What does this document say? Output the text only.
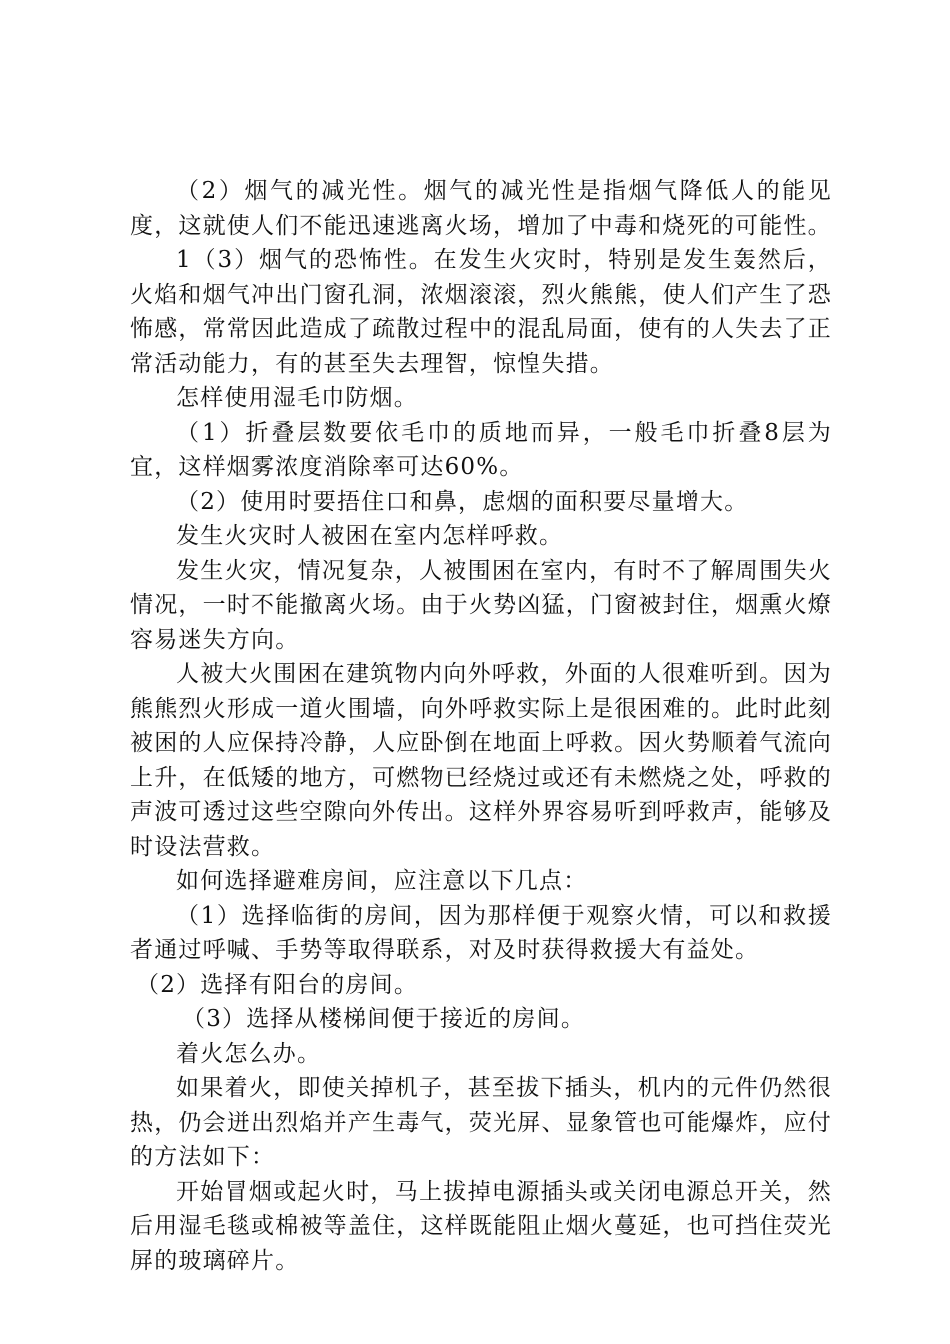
（2）烟气的减光性。烟气的减光性是指烟气降低人的能见度，这就使人们不能迅速逃离火场，增加了中毒和烧死的可能性。

1（3）烟气的恐怖性。在发生火灾时，特别是发生轰然后，火焰和烟气冲出门窗孔洞，浓烟滚滚，烈火熊熊，使人们产生了恐怖感，常常因此造成了疏散过程中的混乱局面，使有的人失去了正常活动能力，有的甚至失去理智，惊惶失措。

怎样使用湿毛巾防烟。

（1）折叠层数要依毛巾的质地而异，一般毛巾折叠8层为宜，这样烟雾浓度消除率可达60%。

（2）使用时要捂住口和鼻，虑烟的面积要尽量增大。

发生火灾时人被困在室内怎样呼救。

发生火灾，情况复杂，人被围困在室内，有时不了解周围失火情况，一时不能撤离火场。由于火势凶猛，门窗被封住，烟熏火燎容易迷失方向。

人被大火围困在建筑物内向外呼救，外面的人很难听到。因为熊熊烈火形成一道火围墙，向外呼救实际上是很困难的。此时此刻被困的人应保持冷静，人应卧倒在地面上呼救。因火势顺着气流向上升，在低矮的地方，可燃物已经烧过或还有未燃烧之处，呼救的声波可透过这些空隙向外传出。这样外界容易听到呼救声，能够及时设法营救。

如何选择避难房间，应注意以下几点：

（1）选择临街的房间，因为那样便于观察火情，可以和救援者通过呼喊、手势等取得联系，对及时获得救援大有益处。

（2）选择有阳台的房间。

（3）选择从楼梯间便于接近的房间。

着火怎么办。

如果着火，即使关掉机子，甚至拔下插头，机内的元件仍然很热，仍会迸出烈焰并产生毒气，荧光屏、显象管也可能爆炸，应付的方法如下：

开始冒烟或起火时，马上拔掉电源插头或关闭电源总开关，然后用湿毛毯或棉被等盖住，这样既能阻止烟火蔓延，也可挡住荧光屏的玻璃碎片。
